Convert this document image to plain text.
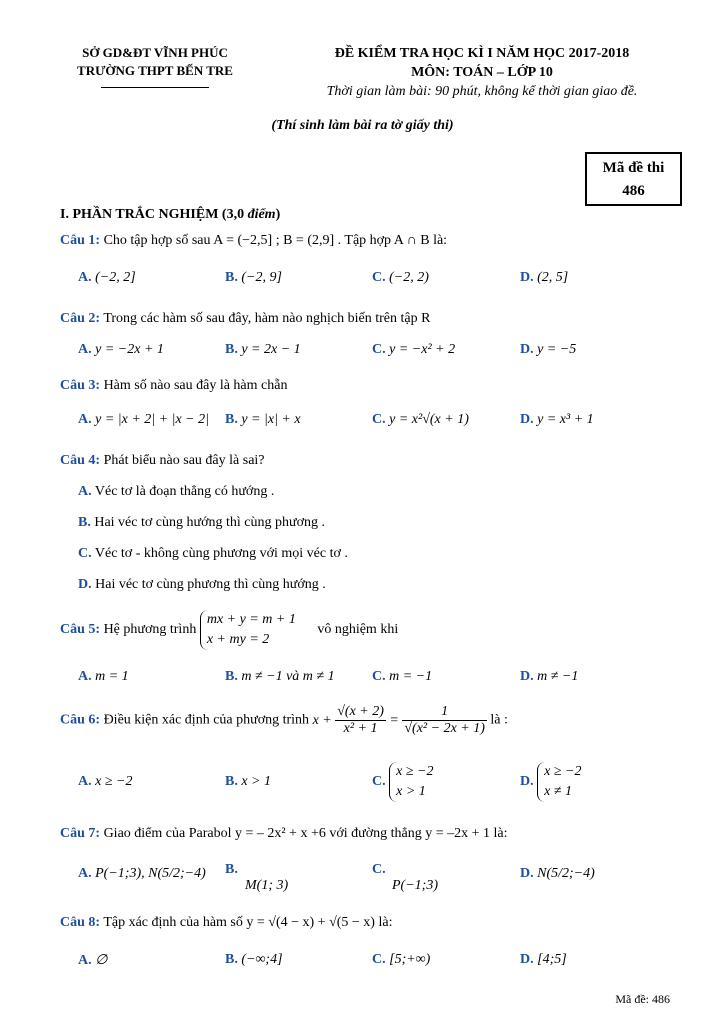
SỞ GD&ĐT VĨNH PHÚC
TRƯỜNG THPT BẾN TRE
ĐỀ KIỂM TRA HỌC KÌ I NĂM HỌC 2017-2018
MÔN: TOÁN – LỚP 10
Thời gian làm bài: 90 phút, không kể thời gian giao đề.
(Thí sinh làm bài ra tờ giấy thi)
Mã đề thi
486
I. PHẦN TRẮC NGHIỆM (3,0 điểm)
Câu 1: Cho tập hợp số sau A = (−2,5] ; B = (2,9] . Tập hợp A ∩ B là:
A. (−2, 2]	B. (−2, 9]	C. (−2, 2)	D. (2, 5]
Câu 2: Trong các hàm số sau đây, hàm nào nghịch biến trên tập R
A. y = −2x + 1	B. y = 2x − 1	C. y = −x² + 2	D. y = −5
Câu 3: Hàm số nào sau đây là hàm chẵn
A. y = |x + 2| + |x − 2| B. y = |x| + x	C. y = x²√(x + 1)	D. y = x³ + 1
Câu 4: Phát biểu nào sau đây là sai?
A. Véc tơ là đoạn thẳng có hướng .
B. Hai véc tơ cùng hướng thì cùng phương .
C. Véc tơ - không cùng phương với mọi véc tơ .
D. Hai véc tơ cùng phương thì cùng hướng .
Câu 5: Hệ phương trình
mx + y = m + 1
x + my = 2
vô nghiệm khi
A. m = 1	B. m ≠ −1 và m ≠ 1	C. m = −1	D. m ≠ −1
Câu 6: Điều kiện xác định của phương trình $x + \frac{√(x + 2)}{\text{x² + 1}} = \frac{1}{\text{√(x² − 2x + 1)}}$ là :
A. x ≥ −2	B. x > 1	C.
x ≥ −2
x > 1
D.
x ≥ −2
x ≠ 1
Câu 7: Giao điểm của Parabol y = – 2x² + x +6 với đường thẳng y = –2x + 1 là:
A. P(−1;3), N(5/2;−4) B.
M(1; 3)
C.
P(−1;3)
D. N(5/2;−4)
Câu 8: Tập xác định của hàm số y = √(4 − x) + √(5 − x) là:
A. ∅	B. (−∞;4]	C. [5;+∞)	D. [4;5]
Mã đề: 486
